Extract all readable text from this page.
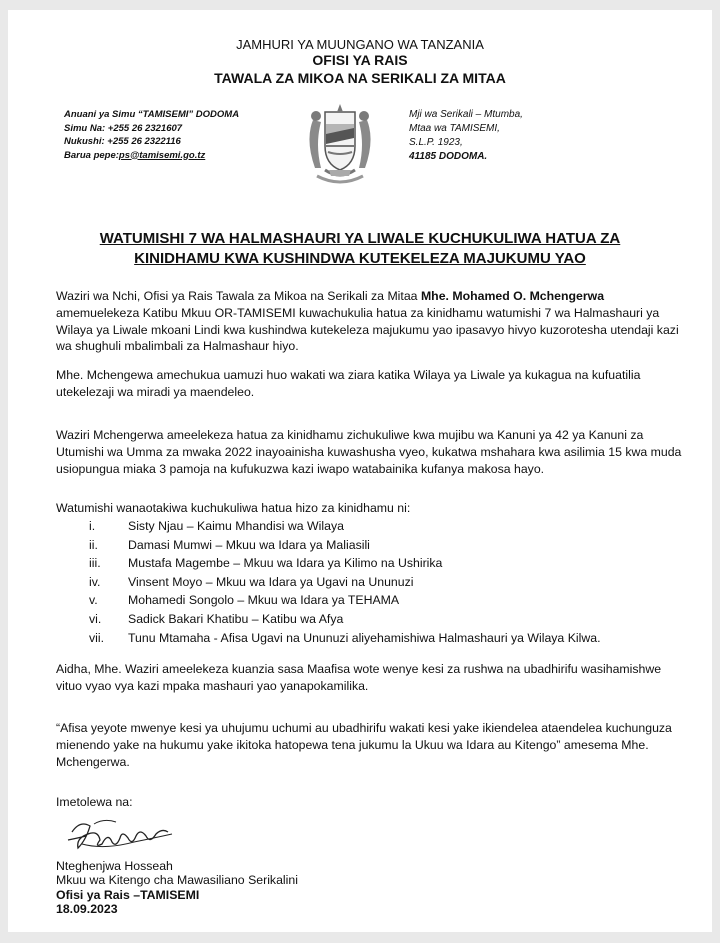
JAMHURI YA MUUNGANO WA TANZANIA
OFISI YA RAIS
TAWALA ZA MIKOA NA SERIKALI ZA MITAA
Anuani ya Simu “TAMISEMI” DODOMA
Simu Na: +255 26 2321607
Nukushi: +255 26 2322116
Barua pepe:ps@tamisemi.go.tz
Mji wa Serikali – Mtumba,
Mtaa wa TAMISEMI,
S.L.P. 1923,
41185 DODOMA.
WATUMISHI 7 WA HALMASHAURI YA LIWALE KUCHUKULIWA HATUA ZA
KINIDHAMU KWA KUSHINDWA KUTEKELEZA MAJUKUMU YAO
Waziri wa Nchi, Ofisi ya Rais Tawala za Mikoa na Serikali za Mitaa Mhe. Mohamed O. Mchengerwa amemuelekeza Katibu Mkuu OR-TAMISEMI kuwachukulia hatua za kinidhamu watumishi 7 wa Halmashauri ya Wilaya ya Liwale mkoani Lindi kwa kushindwa kutekeleza majukumu yao ipasavyo hivyo kuzorotesha utendaji kazi wa shughuli mbalimbali za Halmashaur hiyo.
Mhe. Mchengewa amechukua uamuzi huo wakati wa ziara katika Wilaya ya Liwale ya kukagua na kufuatilia utekelezaji wa miradi ya maendeleo.
Waziri Mchengerwa ameelekeza hatua za kinidhamu zichukuliwe kwa mujibu wa Kanuni ya 42 ya Kanuni za Utumishi wa Umma za mwaka 2022 inayoainisha kuwashusha vyeo, kukatwa mshahara kwa asilimia 15 kwa muda usiopungua miaka 3 pamoja na kufukuzwa kazi iwapo watabainika kufanya makosa hayo.
Watumishi wanaotakiwa kuchukuliwa hatua hizo za kinidhamu ni:
i.	Sisty Njau – Kaimu Mhandisi wa Wilaya
ii. Damasi Mumwi – Mkuu wa Idara ya Maliasili
iii. Mustafa Magembe – Mkuu wa Idara ya Kilimo na Ushirika
iv. Vinsent Moyo – Mkuu wa Idara ya Ugavi na Ununuzi
v. Mohamedi Songolo – Mkuu wa Idara ya TEHAMA
vi. Sadick Bakari Khatibu – Katibu wa Afya
vii. Tunu Mtamaha - Afisa Ugavi na Ununuzi aliyehamishiwa Halmashauri ya Wilaya Kilwa.
Aidha, Mhe. Waziri ameelekeza kuanzia sasa Maafisa wote wenye kesi za rushwa na ubadhirifu wasihamishwe vituo vyao vya kazi mpaka mashauri yao yanapokamilika.
“Afisa yeyote mwenye kesi ya uhujumu uchumi au ubadhirifu wakati kesi yake ikiendelea ataendelea kuchunguza mienendo yake na hukumu yake ikitoka hatopewa tena jukumu la Ukuu wa Idara au Kitengo” amesema Mhe. Mchengerwa.
Imetolewa na:
Nteghenjwa Hosseah
Mkuu wa Kitengo cha Mawasiliano Serikalini
Ofisi ya Rais –TAMISEMI
18.09.2023
